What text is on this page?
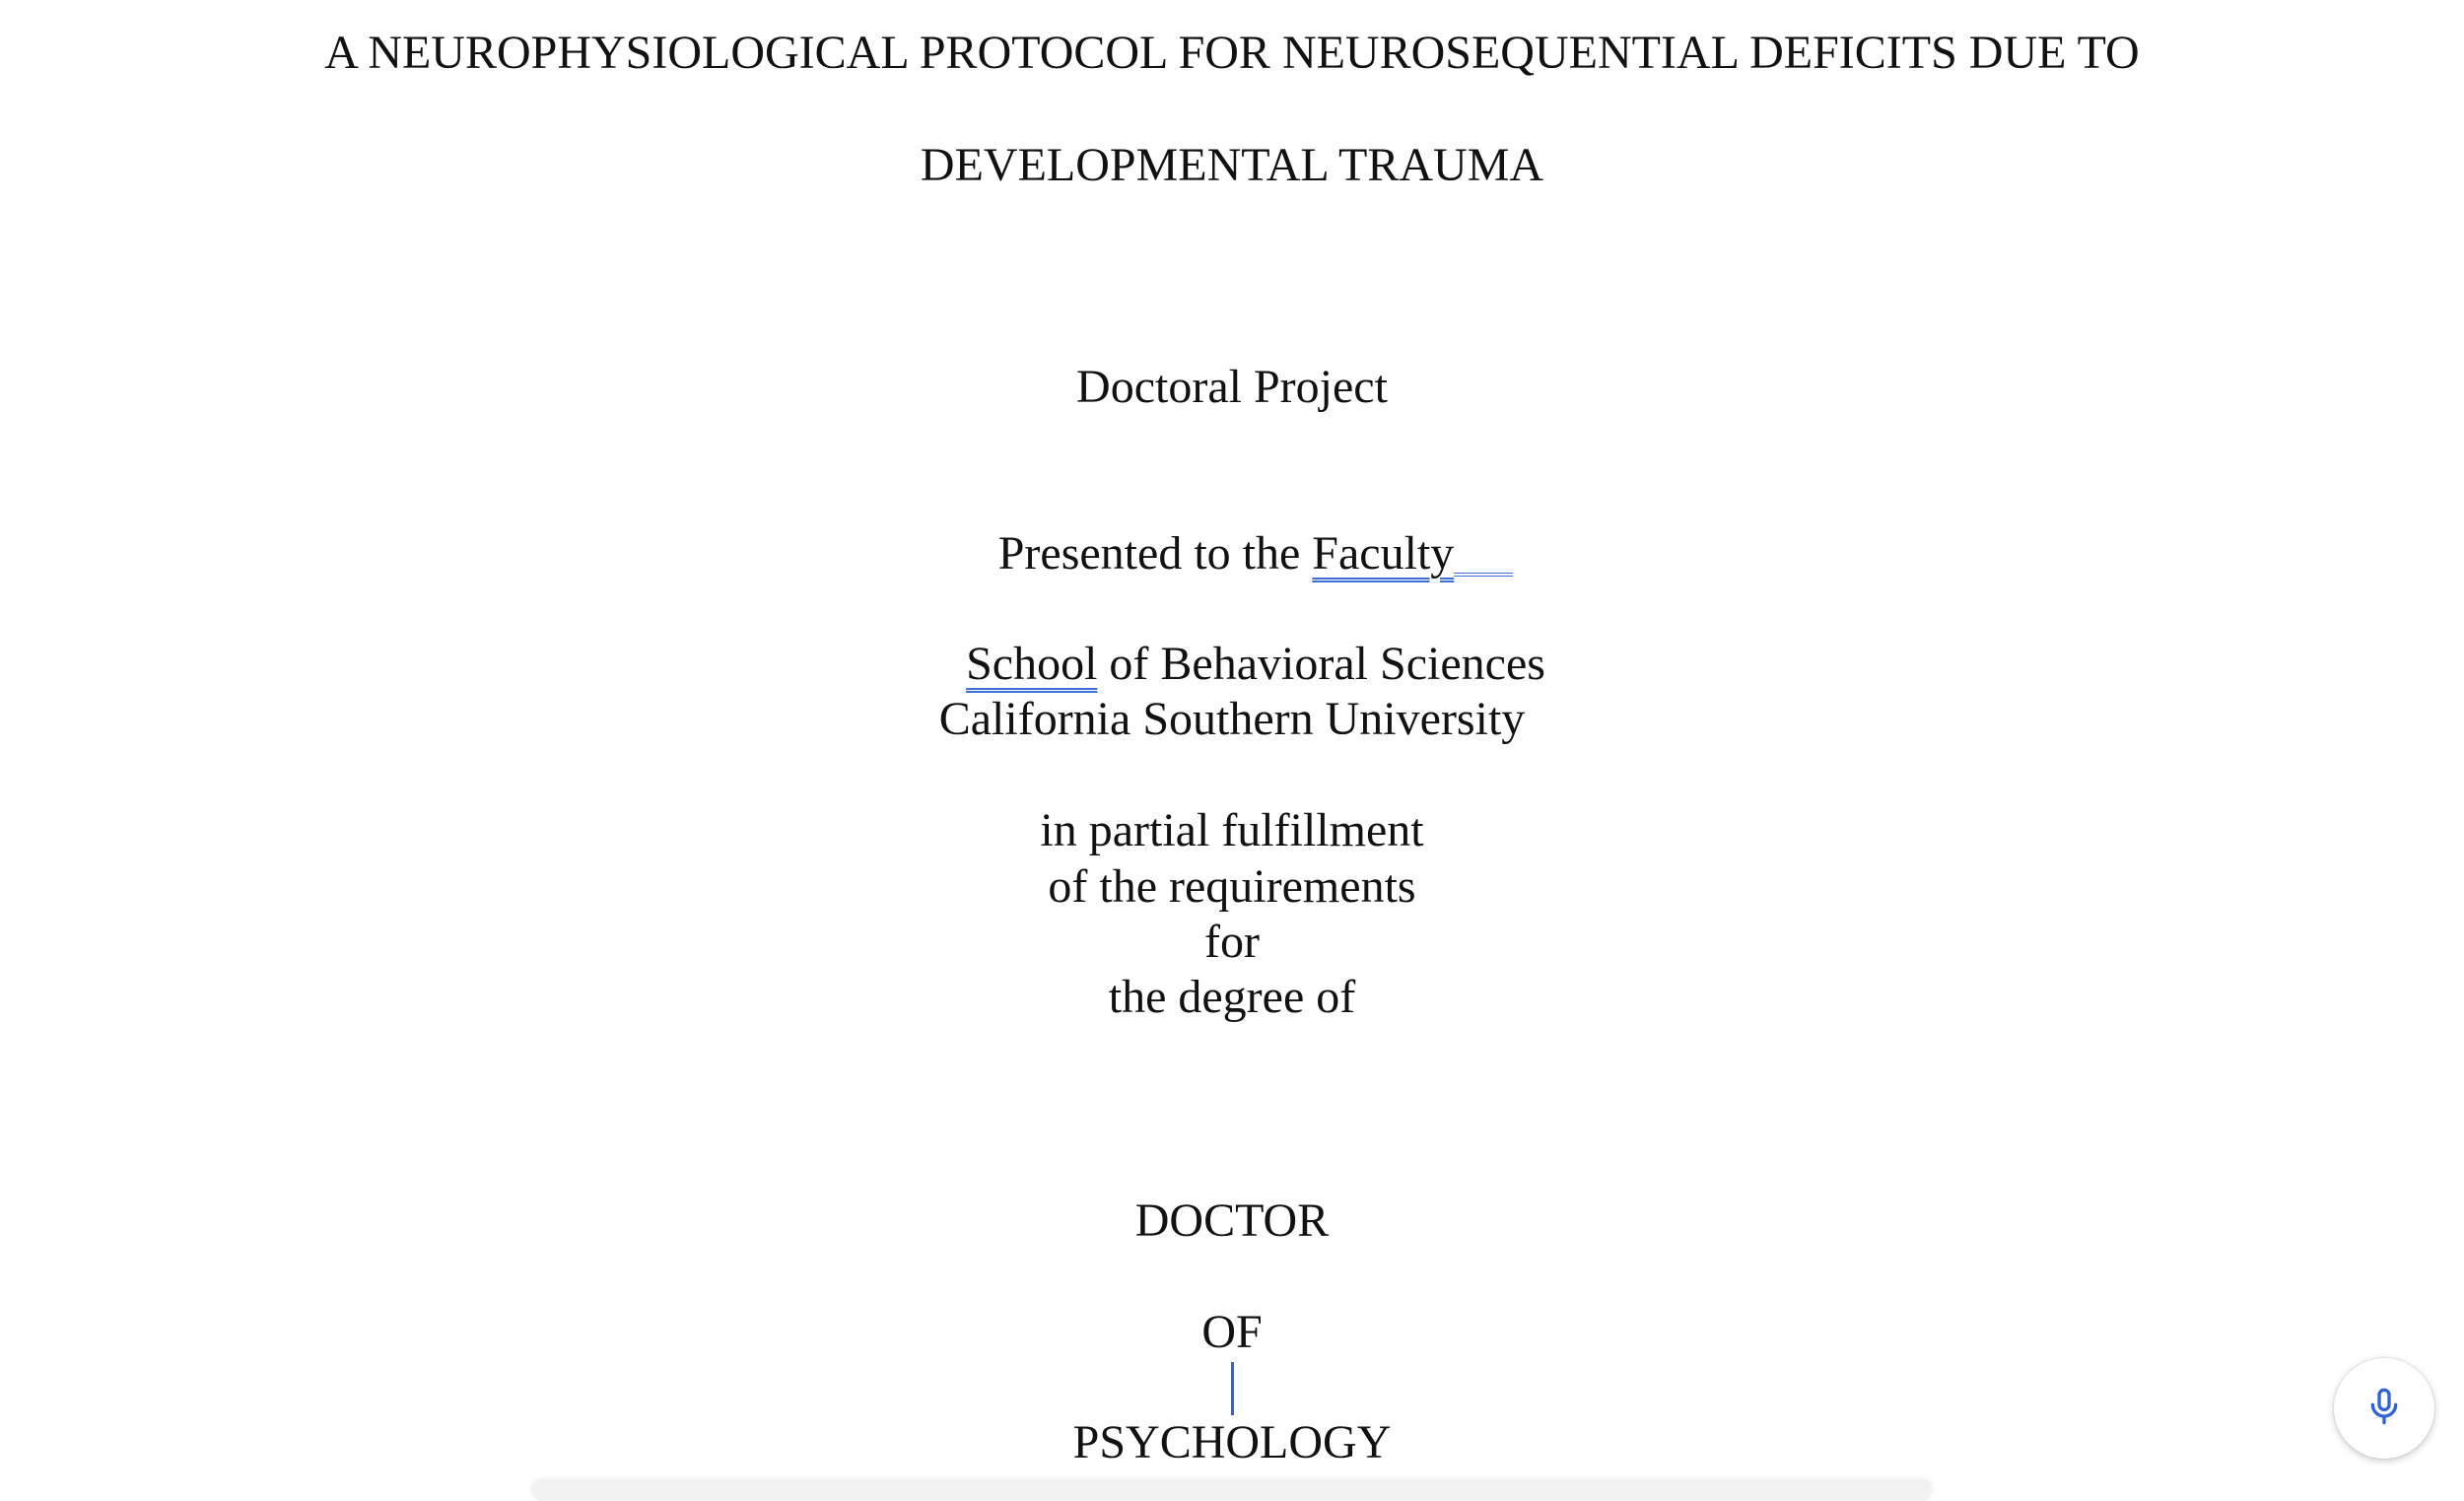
A NEUROPHYSIOLOGICAL PROTOCOL FOR NEUROSEQUENTIAL DEFICITS DUE TO
DEVELOPMENTAL TRAUMA
Doctoral Project

Presented to the Faculty

School of Behavioral Sciences

California Southern University
in partial fulfillment
of the requirements
for
the degree of
DOCTOR
OF
PSYCHOLOGY
